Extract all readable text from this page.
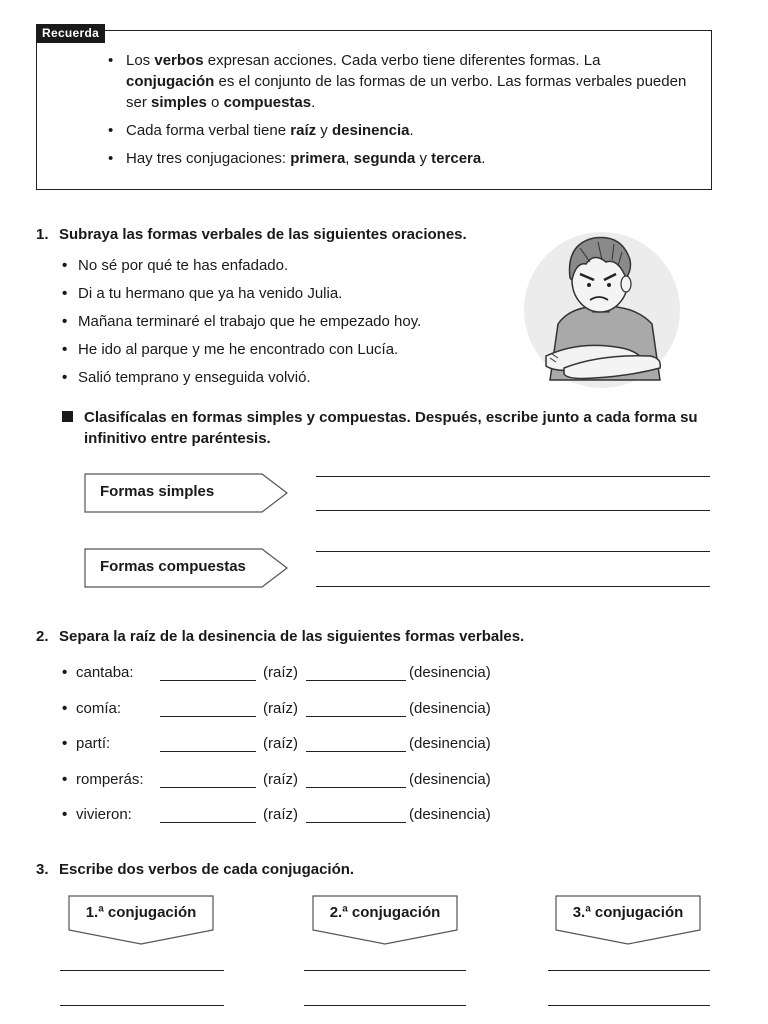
Recuerda
• Los verbos expresan acciones. Cada verbo tiene diferentes formas. La conjugación es el conjunto de las formas de un verbo. Las formas verbales pueden ser simples o compuestas.
• Cada forma verbal tiene raíz y desinencia.
• Hay tres conjugaciones: primera, segunda y tercera.
1. Subraya las formas verbales de las siguientes oraciones.
• No sé por qué te has enfadado.
• Di a tu hermano que ya ha venido Julia.
• Mañana terminaré el trabajo que he empezado hoy.
• He ido al parque y me he encontrado con Lucía.
• Salió temprano y enseguida volvió.

Clasifícalas en formas simples y compuestas. Después, escribe junto a cada forma su infinitivo entre paréntesis.

Formas simples
Formas compuestas
2. Separa la raíz de la desinencia de las siguientes formas verbales.
• cantaba:	(raíz)	(desinencia)
• comía:	(raíz)	(desinencia)
• partí:	(raíz)	(desinencia)
• romperás:	(raíz)	(desinencia)
• vivieron:	(raíz)	(desinencia)
3. Escribe dos verbos de cada conjugación.
1.ª conjugación	2.ª conjugación	3.ª conjugación
